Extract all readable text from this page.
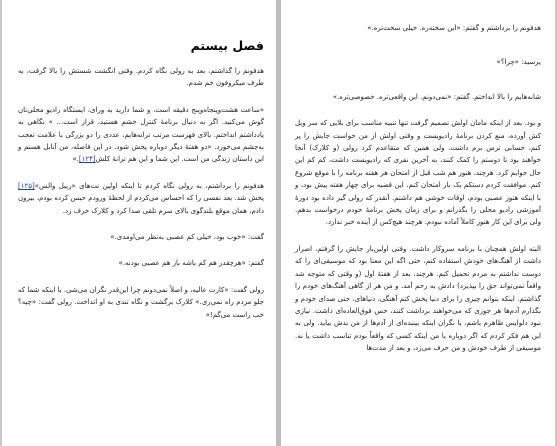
فصل بیستم

هدفونم را گذاشتم، بعد به رولی نگاه کردم. وقتی انگشت شستش را بالا گرفت، به طرف میکروفون خم شدم.

«ساعت هشت‌وپنجاه‌وپنج دقیقه است، و شما دارید به ورای، ایستگاه رادیو محلی‌تان گوش می‌کنید. اگر به دنبال برنامهٔ کنترل خشم هستید، قرار است... » نگاهی به یادداشتم انداختم. بالای فهرست مرتب ترانه‌هایم، عددی را دو بزرگی با علامت تعجب به‌چشم می‌خورد. «دو هفتهٔ دیگر دوباره پخش شود. در این فاصله، من آنابل هستم و این داستان زندگی من است. این شما و این هم ترانهٔ کلش[۱۲۴].»

هدفونم را برداشتم، به رولی نگاه کردم تا اینکه اولین نت‌های «ریبل والس»[۱۲۵] پخش شد. بعد نفسی را که احساس می‌کردم از لحظهٔ ورودم حبس کرده بودم، بیرون دادم، همان موقع بلندگوی بالای سرم تلقی صدا کرد و کلارک حرف زد.

گفت: «خوب بود، خیلی کم عصبی به‌نظر می‌اومدی.»

گفتم: «هرچقدر هم کم باشه باز هم عصبی بودنه.»

رولی گفت: «کارت عالیه، و اصلاً نمی‌دونم چرا این‌قدر نگران می‌شی. با اینکه شما که جلو مردم راه نمی‌ری.» کلارک برگشت و نگاه تندی به او انداخت. رولی گفت: «چیه؟ خب راست می‌گم!»

هدفونم را برداشتم و گفتم: «این سخته‌ره. خیلی سخت‌تره.»

پرسید: «چرا؟»

شانه‌هایم را بالا انداختم. گفتم: «نمی‌دونم. این واقعی‌تره. خصوصی‌تره.»

و بود. بعد از اینکه مامان اولش تصمیم گرفت تنها تنبیه مناسب برای بلایی که سر ویل کش آورده، منع کردن برنامهٔ رادیویست و وقتی اولش از من خواست جایش را پر کنم، حسابی ترس برم داشت. ولی همین که متقاعدم کرد رولی (و کلارک) آنجا خواهند بود تا دوستم را کمک کنند، به آخرین نفری که رادیویست داشت، کم کم این حال جوابم کرد. هرچند، هنوز هم شب قبل از امتحان هر هفته برنامه را با موقع شروع کنم. موافقت کردم دستکم یک بار امتحان کنم. این قضیه برای چهار هفته پیش بود، و با اینکه هنوز عصبی بودم، اوقات خوشی هم داشتم. آنقدر که رولی گیر داده بود دورهٔ آموزشی رادیو محلی را بگذرانم و برای زمان پخش برنامهٔ خودم درخواست بدهم. ولی برای این کار هنوز کاملاً آماده نبودم. هرچند هیچ‌کس از آینده خبر ندارد.

البته اولش همچنان با برنامه سروکار داشت. وقتی اولین‌بار جایش را گرفتم، اصرار داشت از آهنگ‌های خودش استفاده کنم، حتی اگه این معنا بود که موسیقی‌ای را که دوست نداشتم به مردم تحمیل کنم. هرچند، بعد از هفتهٔ اول (و وقتی که متوجه شد واقعاً نمی‌تواند حق را بپذیرد) دادش به رحم آمد، و من هر از گاهی آهنگ‌های خودم را گذاشتم. اینکه بتوانم چیزی را برای دنیا پخش کنم آهنگی، دنیاهای، حتی صدای خودم و بگذارم آدم‌ها هر جوری که می‌خواهند برداشت کنند، حس فوق‌العاده‌ای داشت. نیازی نبود دلواپس ظاهرم باشم، یا نگران اینکه بیننده‌ای از آدم‌ها از من بدش بیاید. ولی به این هم فکر کردم که اگر دوباره یا من اینکه کسی که واقعاً بودم تناسب داشت یا نه. موسیقی از طرف خودش و من حرف می‌زد، و بعد از مدت‌ها
